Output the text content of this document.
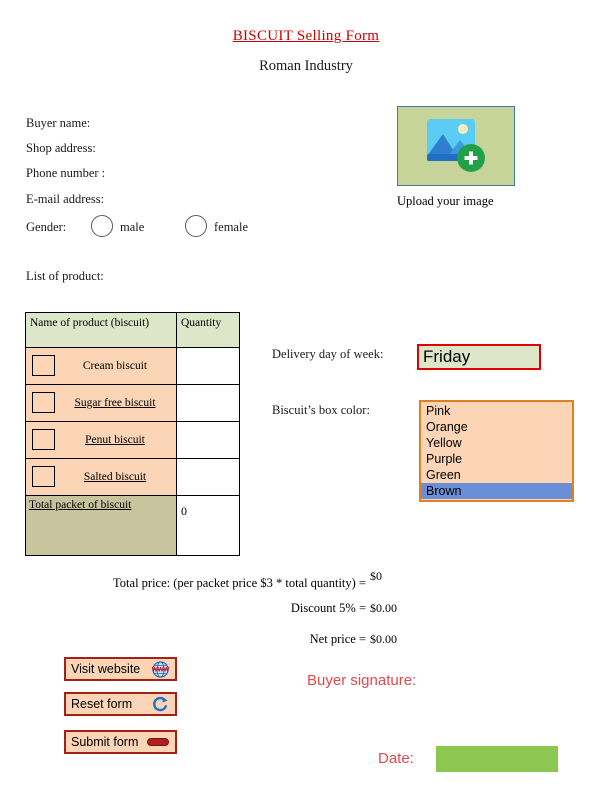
BISCUIT Selling Form
Roman Industry
Buyer name:
Shop address:
Phone number :
E-mail address:
Gender:	male	female
List of product:
Upload your image
Name of product (biscuit)	Quantity

Cream biscuit	

Sugar free biscuit	

Penut biscuit	

Salted biscuit	

Total packet of biscuit	0
Delivery day of week:	Friday
Biscuit’s box color:	Pink
Orange
Yellow
Purple
Green
Brown
Total price: (per packet price $3 * total quantity) = $0
Discount 5% = $0.00
Net price = $0.00
Visit website WWW
Reset form
Submit form
Buyer signature:
Date:
